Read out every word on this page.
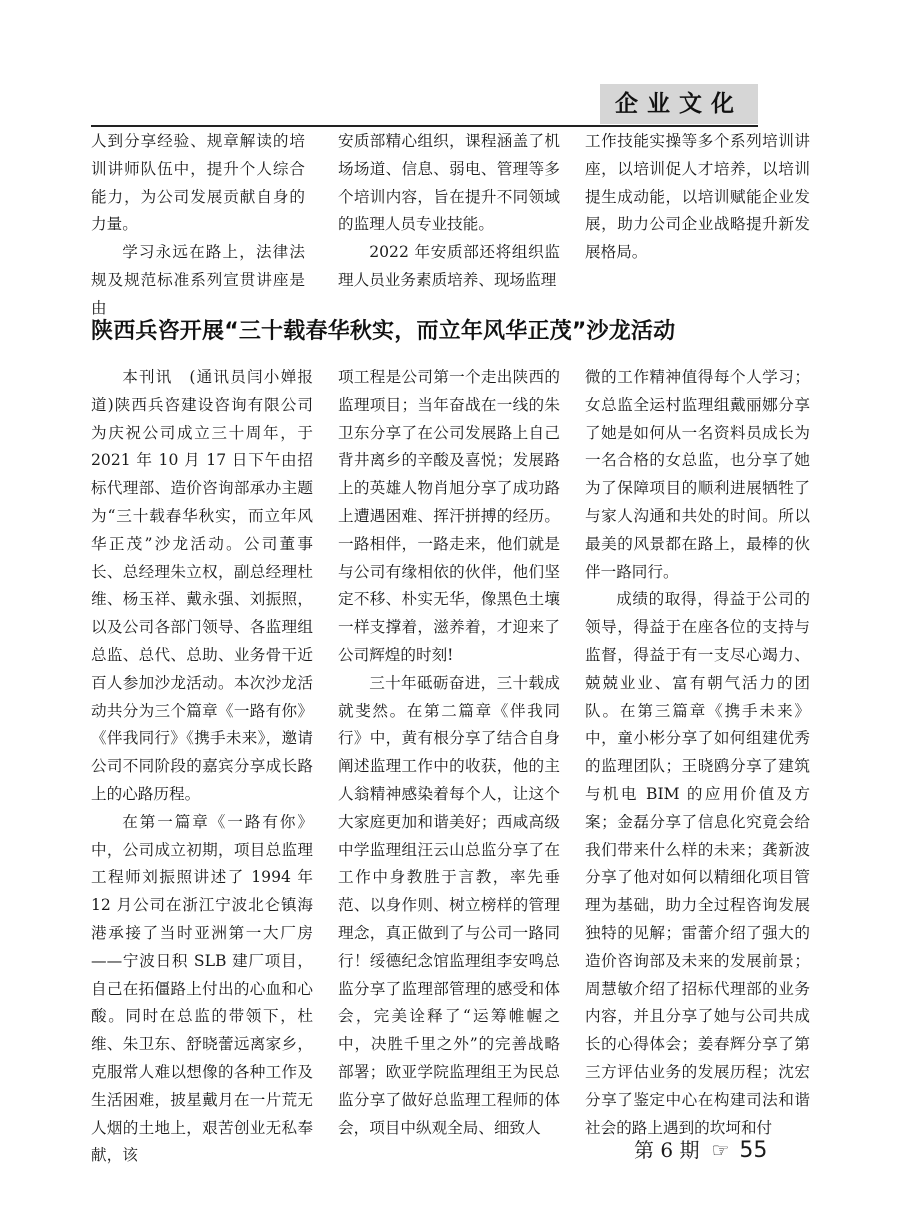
企业文化

人到分享经验、规章解读的培训讲师队伍中，提升个人综合能力，为公司发展贡献自身的力量。

学习永远在路上，法律法规及规范标准系列宣贯讲座是由

安质部精心组织，课程涵盖了机场场道、信息、弱电、管理等多个培训内容，旨在提升不同领域的监理人员专业技能。

2022 年安质部还将组织监理人员业务素质培养、现场监理

工作技能实操等多个系列培训讲座，以培训促人才培养，以培训提生成动能，以培训赋能企业发展，助力公司企业战略提升新发展格局。

陕西兵咨开展“三十载春华秋实，而立年风华正茂”沙龙活动

本刊讯　(通讯员闫小婵报道)陕西兵咨建设咨询有限公司为庆祝公司成立三十周年，于 2021 年 10 月 17 日下午由招标代理部、造价咨询部承办主题为“三十载春华秋实，而立年风华正茂”沙龙活动。公司董事长、总经理朱立权，副总经理杜维、杨玉祥、戴永强、刘振照，以及公司各部门领导、各监理组总监、总代、总助、业务骨干近百人参加沙龙活动。本次沙龙活动共分为三个篇章《一路有你》《伴我同行》《携手未来》，邀请公司不同阶段的嘉宾分享成长路上的心路历程。

在第一篇章《一路有你》中，公司成立初期，项目总监理工程师刘振照讲述了 1994 年 12 月公司在浙江宁波北仑镇海港承接了当时亚洲第一大厂房——宁波日积 SLB 建厂项目，自己在拓僵路上付出的心血和心酸。同时在总监的带领下，杜维、朱卫东、舒晓蕾远离家乡，克服常人难以想像的各种工作及生活困难，披星戴月在一片荒无人烟的土地上，艰苦创业无私奉献，该

项工程是公司第一个走出陕西的监理项目；当年奋战在一线的朱卫东分享了在公司发展路上自己背井离乡的辛酸及喜悦；发展路上的英雄人物肖旭分享了成功路上遭遇困难、挥汗拼搏的经历。一路相伴，一路走来，他们就是与公司有缘相依的伙伴，他们坚定不移、朴实无华，像黑色土壤一样支撑着，滋养着，才迎来了公司辉煌的时刻!

三十年砥砺奋进，三十载成就斐然。在第二篇章《伴我同行》中，黄有根分享了结合自身阐述监理工作中的收获，他的主人翁精神感染着每个人，让这个大家庭更加和谐美好；西咸高级中学监理组汪云山总监分享了在工作中身教胜于言教，率先垂范、以身作则、树立榜样的管理理念，真正做到了与公司一路同行！绥德纪念馆监理组李安鸣总监分享了监理部管理的感受和体会，完美诠释了“运筹帷幄之中，决胜千里之外”的完善战略部署；欧亚学院监理组王为民总监分享了做好总监理工程师的体会，项目中纵观全局、细致人

微的工作精神值得每个人学习；女总监全运村监理组戴丽娜分享了她是如何从一名资料员成长为一名合格的女总监，也分享了她为了保障项目的顺利进展牺牲了与家人沟通和共处的时间。所以最美的风景都在路上，最棒的伙伴一路同行。

成绩的取得，得益于公司的领导，得益于在座各位的支持与监督，得益于有一支尽心竭力、兢兢业业、富有朝气活力的团队。在第三篇章《携手未来》中，童小彬分享了如何组建优秀的监理团队；王晓鸥分享了建筑与机电 BIM 的应用价值及方案；金磊分享了信息化究竟会给我们带来什么样的未来；龚新波分享了他对如何以精细化项目管理为基础，助力全过程咨询发展独特的见解；雷蕾介绍了强大的造价咨询部及未来的发展前景；周慧敏介绍了招标代理部的业务内容，并且分享了她与公司共成长的心得体会；姜春辉分享了第三方评估业务的发展历程；沈宏分享了鉴定中心在构建司法和谐社会的路上遇到的坎坷和付

第 6 期 ☞ 55
